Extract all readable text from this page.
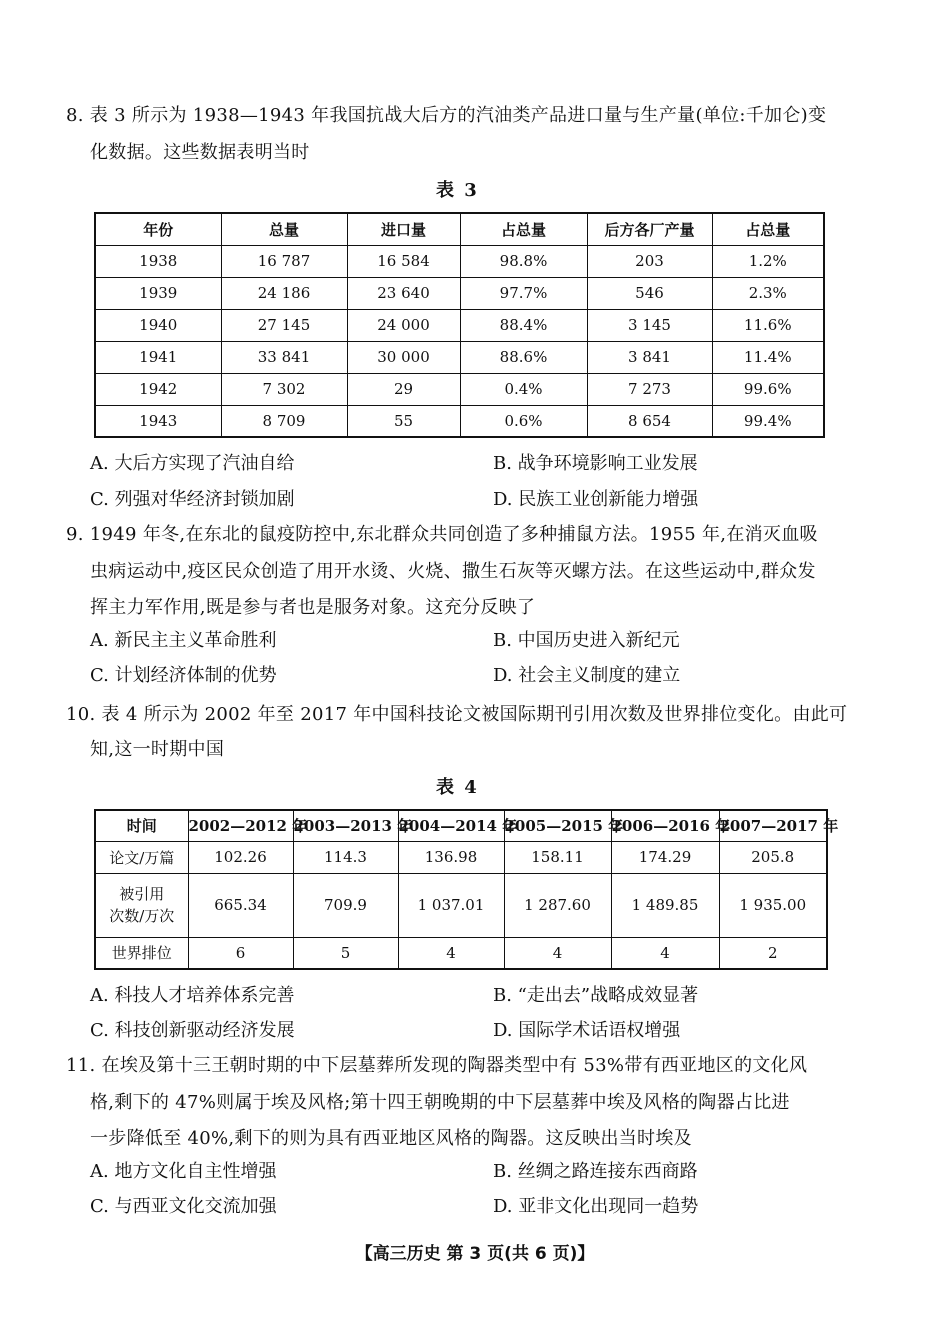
8. 表 3 所示为 1938—1943 年我国抗战大后方的汽油类产品进口量与生产量(单位:千加仑)变
化数据。这些数据表明当时
表 3
年份	总量	进口量	占总量	后方各厂产量	占总量
1938	16 787	16 584	98.8%	203	1.2%
1939	24 186	23 640	97.7%	546	2.3%
1940	27 145	24 000	88.4%	3 145	11.6%
1941	33 841	30 000	88.6%	3 841	11.4%
1942	7 302	29	0.4%	7 273	99.6%
1943	8 709	55	0.6%	8 654	99.4%
A. 大后方实现了汽油自给	B. 战争环境影响工业发展
C. 列强对华经济封锁加剧	D. 民族工业创新能力增强
9. 1949 年冬,在东北的鼠疫防控中,东北群众共同创造了多种捕鼠方法。1955 年,在消灭血吸
虫病运动中,疫区民众创造了用开水烫、火烧、撒生石灰等灭螺方法。在这些运动中,群众发
挥主力军作用,既是参与者也是服务对象。这充分反映了
A. 新民主主义革命胜利	B. 中国历史进入新纪元
C. 计划经济体制的优势	D. 社会主义制度的建立
10. 表 4 所示为 2002 年至 2017 年中国科技论文被国际期刊引用次数及世界排位变化。由此可
知,这一时期中国
表 4
时间	2002—2012 年	2003—2013 年	2004—2014 年	2005—2015 年	2006—2016 年	2007—2017 年
论文/万篇	102.26	114.3	136.98	158.11	174.29	205.8

被引用
次数/万次	665.34	709.9	1 037.01	1 287.60	1 489.85	1 935.00
世界排位	6	5	4	4	4	2
A. 科技人才培养体系完善	B. “走出去”战略成效显著
C. 科技创新驱动经济发展	D. 国际学术话语权增强
11. 在埃及第十三王朝时期的中下层墓葬所发现的陶器类型中有 53%带有西亚地区的文化风
格,剩下的 47%则属于埃及风格;第十四王朝晚期的中下层墓葬中埃及风格的陶器占比进
一步降低至 40%,剩下的则为具有西亚地区风格的陶器。这反映出当时埃及
A. 地方文化自主性增强	B. 丝绸之路连接东西商路
C. 与西亚文化交流加强	D. 亚非文化出现同一趋势
【高三历史 第 3 页(共 6 页)】
